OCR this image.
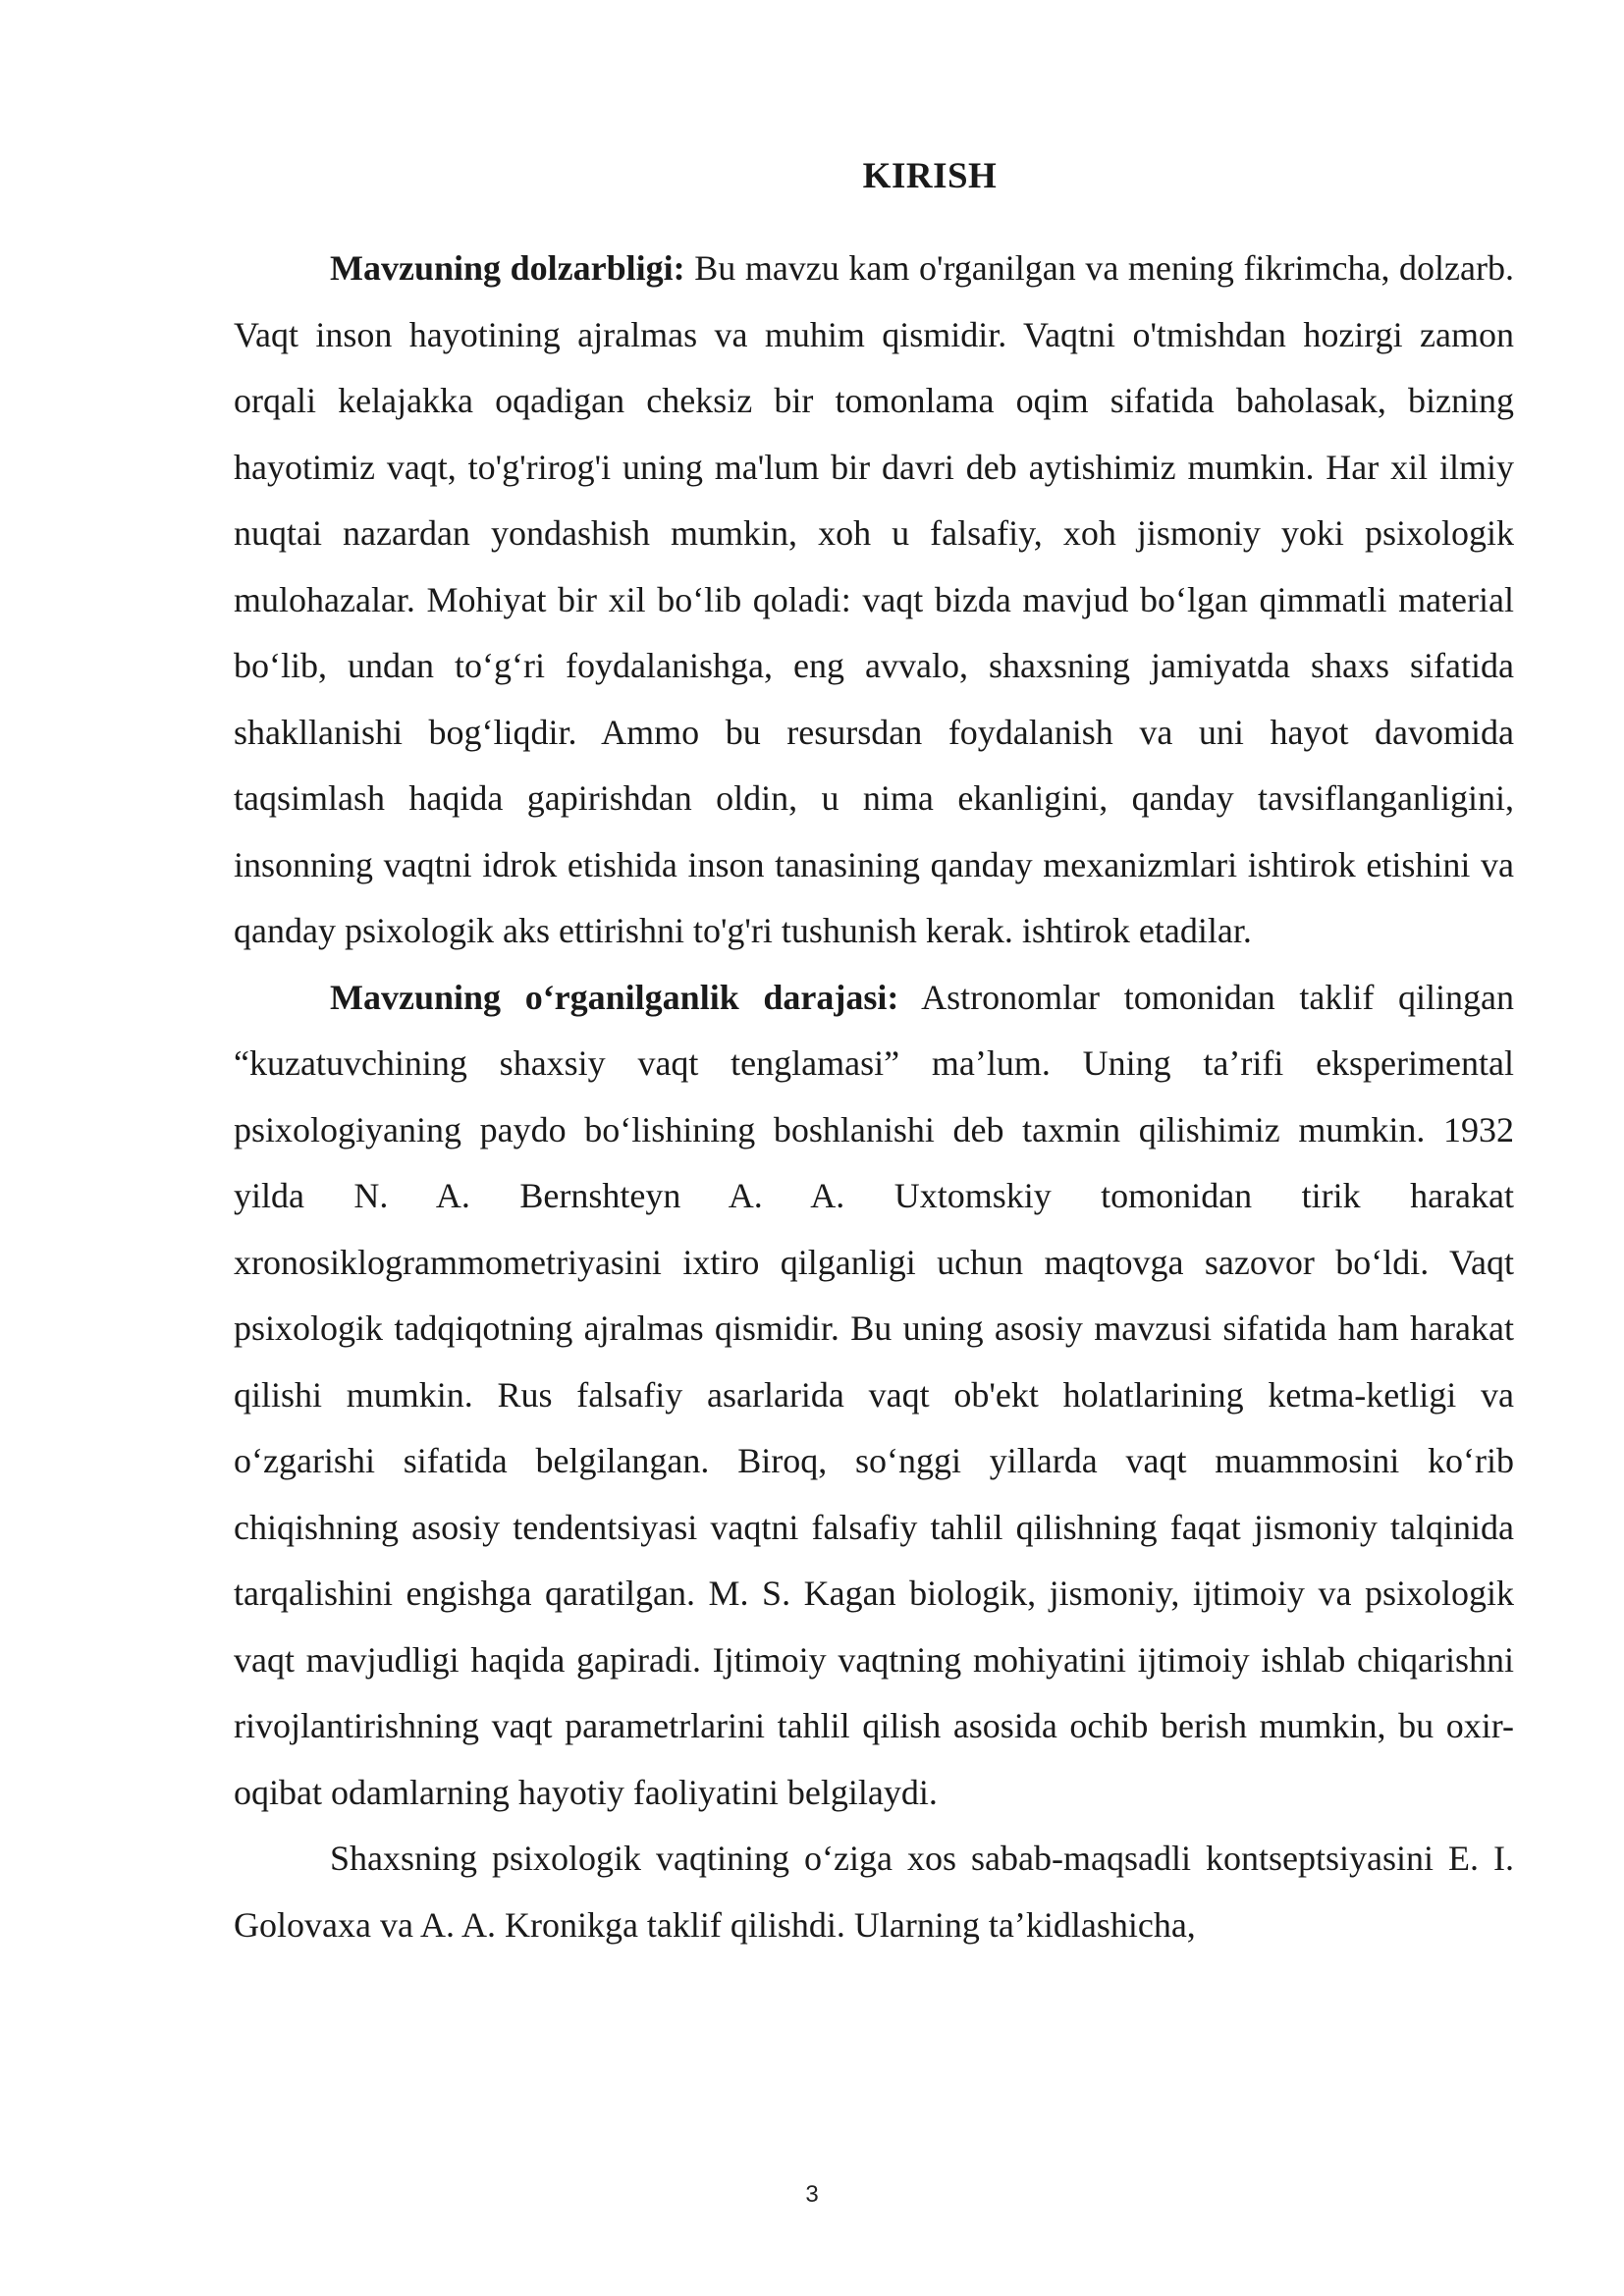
KIRISH

Mavzuning dolzarbligi: Bu mavzu kam o'rganilgan va mening fikrimcha, dolzarb. Vaqt inson hayotining ajralmas va muhim qismidir. Vaqtni o'tmishdan hozirgi zamon orqali kelajakka oqadigan cheksiz bir tomonlama oqim sifatida baholasak, bizning hayotimiz vaqt, to'g'rirog'i uning ma'lum bir davri deb aytishimiz mumkin. Har xil ilmiy nuqtai nazardan yondashish mumkin, xoh u falsafiy, xoh jismoniy yoki psixologik mulohazalar. Mohiyat bir xil boʻlib qoladi: vaqt bizda mavjud boʻlgan qimmatli material boʻlib, undan toʻgʻri foydalanishga, eng avvalo, shaxsning jamiyatda shaxs sifatida shakllanishi bogʻliqdir. Ammo bu resursdan foydalanish va uni hayot davomida taqsimlash haqida gapirishdan oldin, u nima ekanligini, qanday tavsiflanganligini, insonning vaqtni idrok etishida inson tanasining qanday mexanizmlari ishtirok etishini va qanday psixologik aks ettirishni to'g'ri tushunish kerak. ishtirok etadilar.

Mavzuning oʻrganilganlik darajasi: Astronomlar tomonidan taklif qilingan “kuzatuvchining shaxsiy vaqt tenglamasi” maʼlum. Uning taʼrifi eksperimental psixologiyaning paydo boʻlishining boshlanishi deb taxmin qilishimiz mumkin. 1932 yilda N. A. Bernshteyn A. A. Uxtomskiy tomonidan tirik harakat xronosiklogrammometriyasini ixtiro qilganligi uchun maqtovga sazovor boʻldi. Vaqt psixologik tadqiqotning ajralmas qismidir. Bu uning asosiy mavzusi sifatida ham harakat qilishi mumkin. Rus falsafiy asarlarida vaqt ob'ekt holatlarining ketma-ketligi va oʻzgarishi sifatida belgilangan. Biroq, soʻnggi yillarda vaqt muammosini koʻrib chiqishning asosiy tendentsiyasi vaqtni falsafiy tahlil qilishning faqat jismoniy talqinida tarqalishini engishga qaratilgan. M. S. Kagan biologik, jismoniy, ijtimoiy va psixologik vaqt mavjudligi haqida gapiradi. Ijtimoiy vaqtning mohiyatini ijtimoiy ishlab chiqarishni rivojlantirishning vaqt parametrlarini tahlil qilish asosida ochib berish mumkin, bu oxir-oqibat odamlarning hayotiy faoliyatini belgilaydi.

Shaxsning psixologik vaqtining oʻziga xos sabab-maqsadli kontseptsiyasini E. I. Golovaxa va A. A. Kronikga taklif qilishdi. Ularning taʼkidlashicha,

3
